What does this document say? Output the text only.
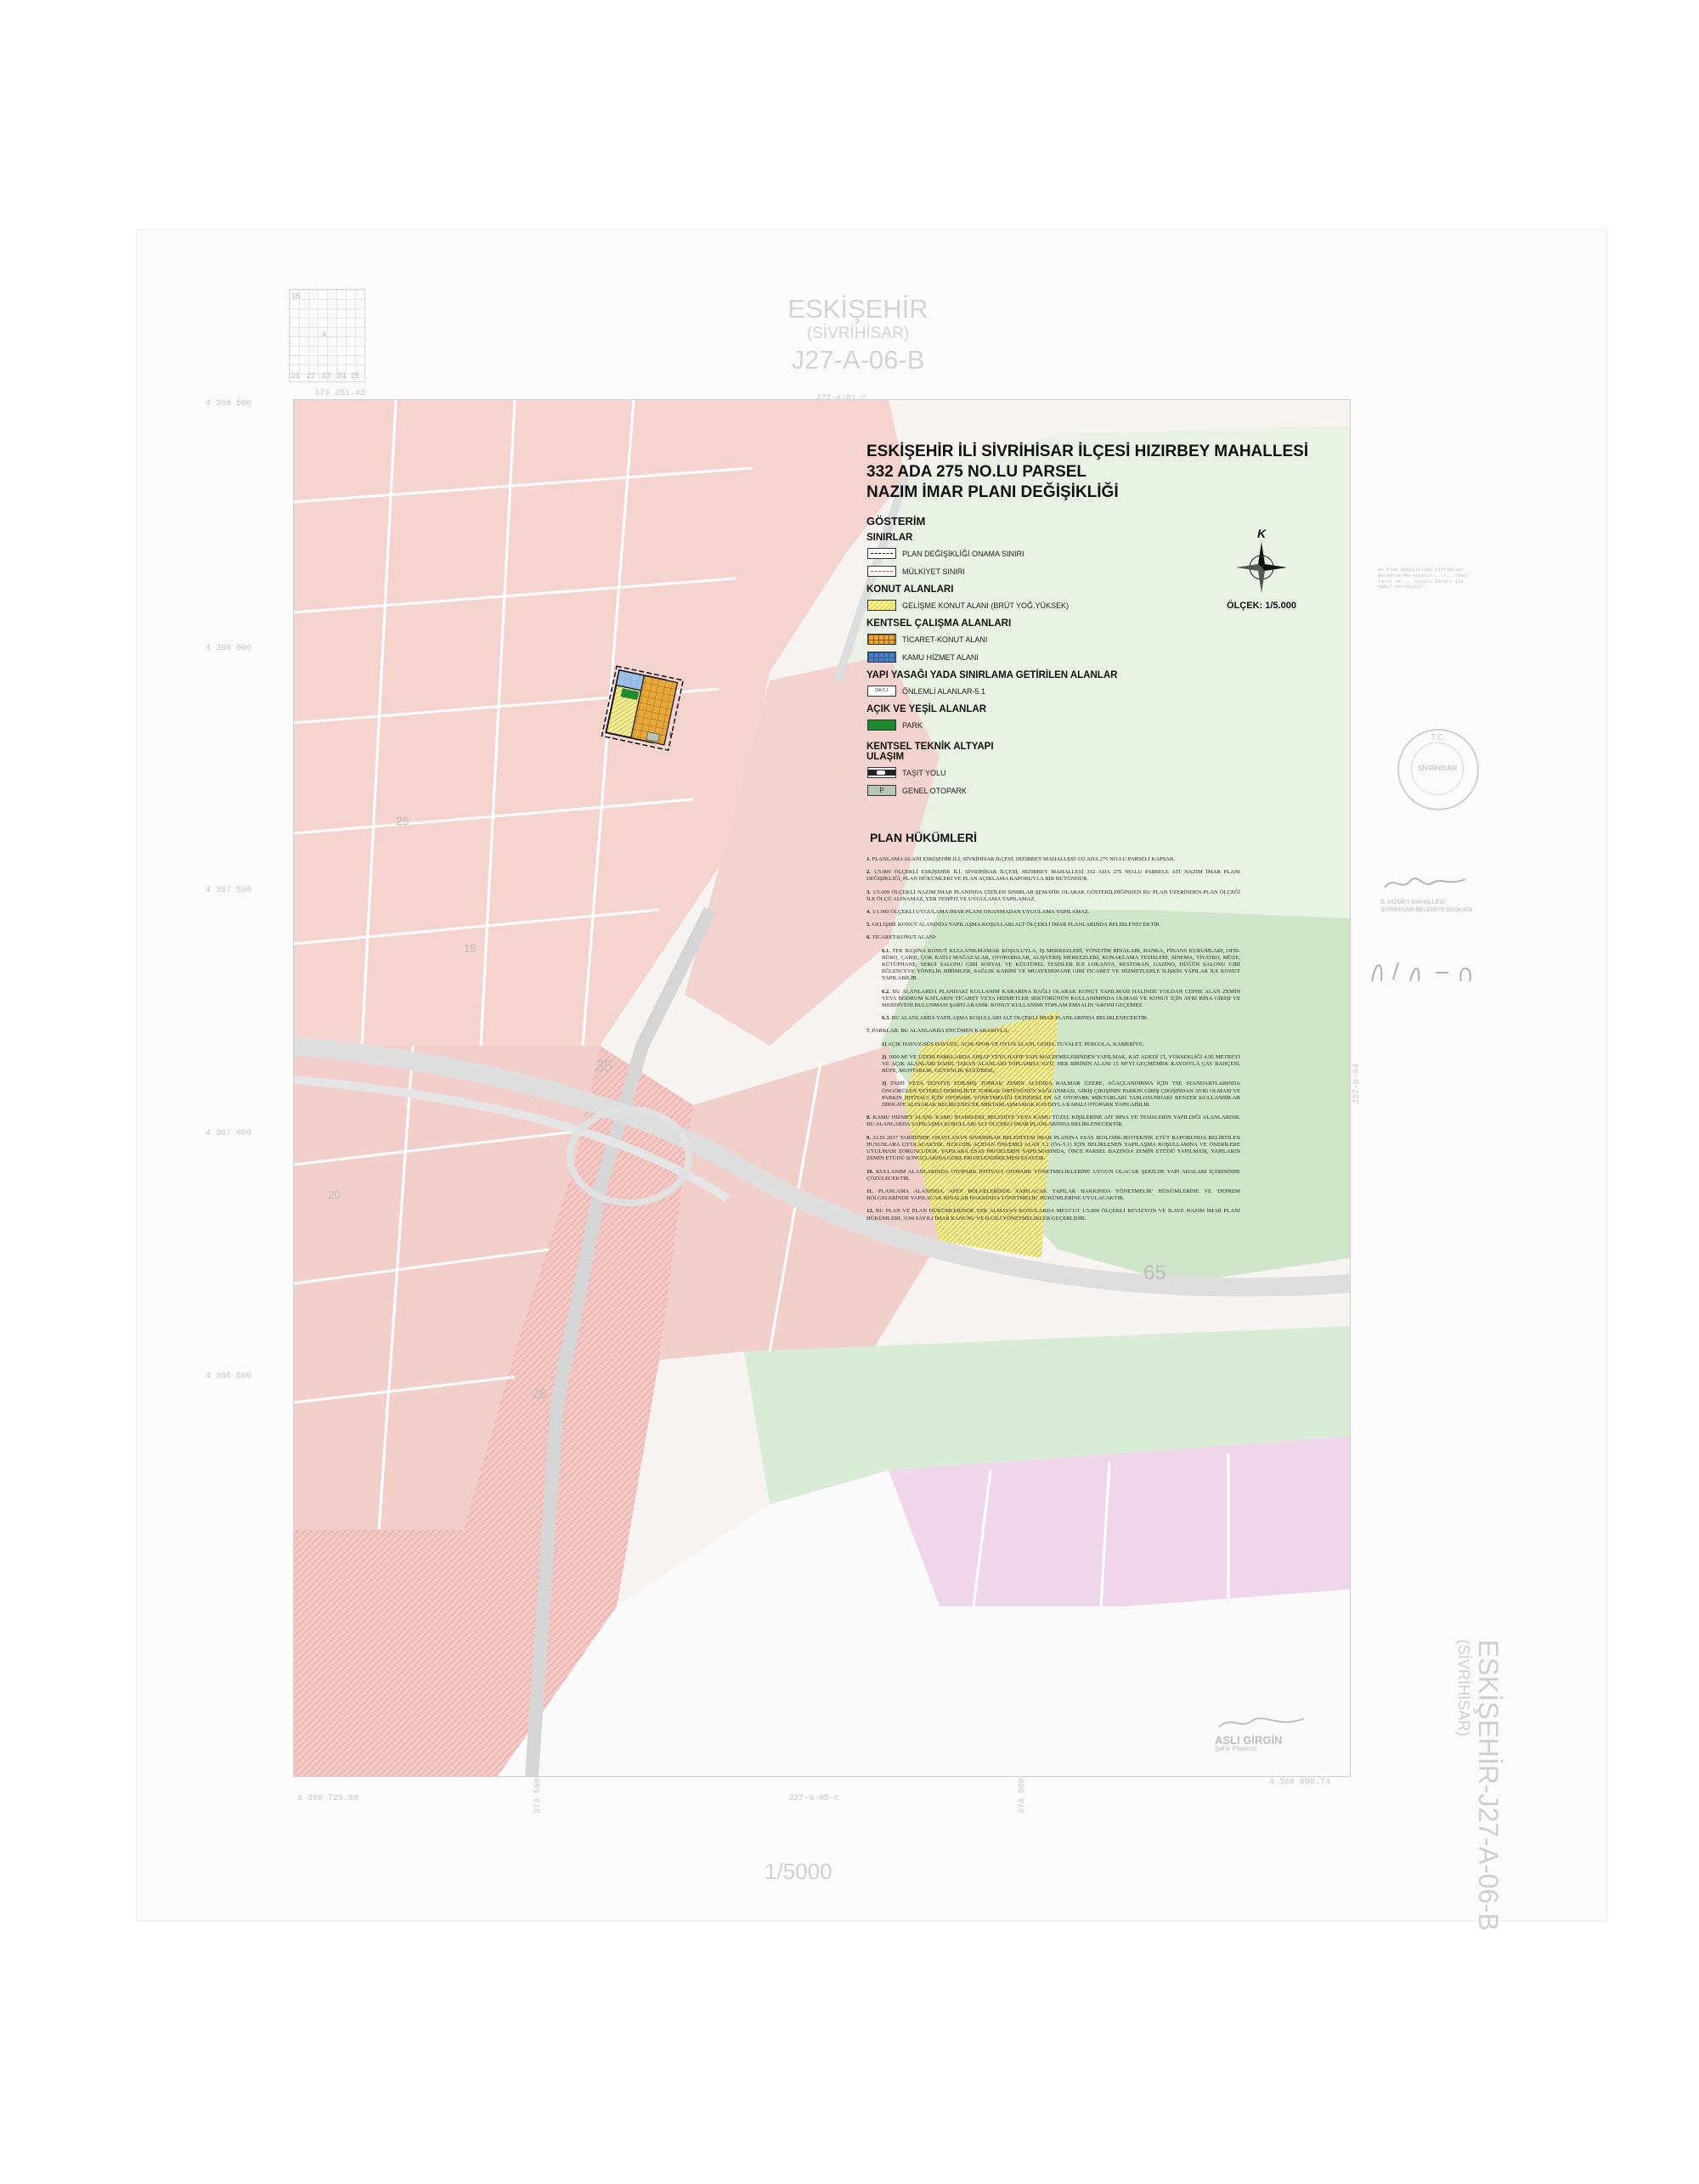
A
21 22 23 24 25
16	ESKİŞEHİR
(SİVRİHİSAR)
J27-A-06-B
ESKİŞEHİR-J27-A-06-B
(SİVRİHİSAR)
1/5000
4 368 500
373 251.42
4 368 000
4 367 500
4 367 000
4 366 500
4 366 725.60	373 500	J27-a-05-c	374 000	4 366 690.74
J27-b-04
P
35
28
65
25
20
15
ESKİŞEHİR İLİ SİVRİHİSAR İLÇESİ HIZIRBEY MAHALLESİ
332 ADA 275 NO.LU PARSEL
NAZIM İMAR PLANI DEĞİŞİKLİĞİ
GÖSTERİM
SINIRLAR
PLAN DEĞİŞİKLİĞİ ONAMA SINIRI
MÜLKİYET SINIRI
KONUT ALANLARI
GELİŞME KONUT ALANI (BRÜT YOĞ.YÜKSEK)
KENTSEL ÇALIŞMA ALANLARI
TİCARET-KONUT ALANI
KAMU HİZMET ALANI
YAPI YASAĞI YADA SINIRLAMA GETİRİLEN ALANLAR
ÖA-5.1	ÖNLEMLİ ALANLAR-5.1
AÇIK VE YEŞİL ALANLAR
PARK
KENTSEL TEKNİK ALTYAPI
ULAŞIM
TAŞIT YOLU
P	GENEL OTOPARK
K
ÖLÇEK: 1/5.000
PLAN HÜKÜMLERİ
1. PLANLAMA ALANI ESKİŞEHİR İLİ, SİVRİHİSAR İLÇESİ, HIZIRBEY MAHALLESİ 332 ADA 275 NO.LU PARSELİ KAPSAR.
2. 1/5.000 ÖLÇEKLİ ESKİŞEHİR İLİ, SİVRİHİSAR İLÇESİ, HIZIRBEY MAHALLESİ 332 ADA 275 NO.LU PARSELE AİT NAZIM İMAR PLANI DEĞİŞİKLİĞİ, PLAN HÜKÜMLERİ VE PLAN AÇIKLAMA RAPORUYLA BİR BÜTÜNDÜR.
3. 1/5.000 ÖLÇEKLİ NAZIM İMAR PLANINDA ÇİZİLEN SINIRLAR ŞEMATİK OLARAK GÖSTERİLDİĞİNDEN BU PLAN ÜZERİNDEN PLAN ÖLÇEĞİ İLE ÖLÇÜ ALINAMAZ, YER TESPİTİ VE UYGULAMA YAPILAMAZ.
4. 1/1.000 ÖLÇEKLİ UYGULAMA İMAR PLANI ONANMADAN UYGULAMA YAPILAMAZ.
5. GELİŞME KONUT ALANINDA YAPILAŞMA KOŞULLARI ALT ÖLÇEKLİ İMAR PLANLARINDA BELİRLENECEKTİR.
6. TİCARET-KONUT ALANI:
6.1. TEK BAŞINA KONUT KULLANILMAMAK KOŞULUYLA; İŞ MERKEZLERİ, YÖNETİM BİNALARI, BANKA, FİNANS KURUMLARI, OFİS-BÜRO, ÇARŞI, ÇOK KATLI MAĞAZALAR, OTOPARKLAR, ALIŞVERİŞ MERKEZLERİ, KONAKLAMA TESİSLERİ, SİNEMA, TİYATRO, MÜZE, KÜTÜPHANE, SERGİ SALONU GİBİ SOSYAL VE KÜLTÜREL TESİSLER İLE LOKANTA, RESTORAN, GAZİNO, DÜĞÜN SALONU GİBİ EĞLENCEYE YÖNELİK BİRİMLER, SAĞLIK KABİNİ VE MUAYENEHANE GİBİ TİCARET VE HİZMETLERLE İLİŞKİN YAPILAR İLE KONUT YAPILABİLİR.
6.2. BU ALANLARDA PLANDAKİ KULLANIM KARARINA BAĞLI OLARAK KONUT YAPILMASI HALİNDE YOLDAN CEPHE ALAN ZEMİN VEYA BODRUM KATLARIN TİCARET VEYA HİZMETLER SEKTÖRÜNÜN KULLANIMINDA OLMASI VE KONUT İÇİN AYRI BİNA GİRİŞİ VE MERDİVENİ BULUNMASI ŞARTI ARANIR. KONUT KULLANIMI TOPLAM EMSALİN %40'INI GEÇEMEZ.
6.3. BU ALANLARDA YAPILAŞMA KOŞULLARI ALT ÖLÇEKLİ İMAR PLANLARINDA BELİRLENECEKTİR.
7. PARKLAR: BU ALANLARDA ENCÜMEN KARARIYLA;
1) AÇIK HAVUZ-SÜS HAVUZU, AÇIK SPOR VE OYUN ALANI, GENEL TUVALET, PERGOLA, KAMERİYE,
2) 1000 M² VE ÜZERİ PARKLARDA AHŞAP VEYA HAFİF YAPI MALZEMELERİNDEN YAPILMAK, KAT ADEDİ 1'İ, YÜKSEKLİĞİ 4.50 METREYİ VE AÇIK ALANLARI DAHİL TABAN ALANLARI TOPLAMDA %3'Ü, HER BİRİNİN ALANI 15 M²'Yİ GEÇMEMEK KAYDIYLA ÇAY BAHÇESİ, BÜFE, MUHTARLIK, GÜVENLİK KULÜBESİ,
3) TABİİ VEYA TESVİYE EDİLMİŞ TOPRAK ZEMİN ALTINDA KALMAK ÜZERE, AĞAÇLANDIRMA İÇİN TSE STANDARTLARINDA ÖNGÖRÜLEN YETERLİ DERİNLİKTE TOPRAK ÖRTÜSÜNÜN SAĞLANMASI, GİRİŞ ÇIKIŞININ PARKIN GİRİŞ ÇIKIŞINDAN AYRI OLMASI VE PARKIN İHTİYACI İÇİN OTOPARK YÖNETMELİĞİ EKİNDEKİ EN AZ OTOPARK MİKTARLARI TABLOSUNDAKİ BENZER KULLANIMLAR DİKKATE ALINARAK BELİRLENECEK MİKTARI AŞMAMAK KAYDIYLA KAPALI OTOPARK YAPILABİLİR.
8. KAMU HİZMET ALANI: KAMU İDARELERİ, BELEDİYE VEYA KAMU TÜZEL KİŞİLERİNE AİT BİNA VE TESİSLERİN YAPILDIĞI ALANLARDIR. BU ALANLARDA YAPILAŞMA KOŞULLARI ALT ÖLÇEKLİ İMAR PLANLARINDA BELİRLENECEKTİR.
9. 22.01.2017 TARİHİNDE ONAYLANAN SİVRİHİSAR BELEDİYESİ İMAR PLANINA ESAS JEOLOJİK-JEOTEKNİK ETÜT RAPORUNDA BELİRTİLEN HUSUSLARA UYULACAKTIR. JEOLOJİK AÇIDAN ÖNLEMLİ ALAN 5.1 (ÖA-5.1) İÇİN BELİRLENEN YAPILAŞMA KOŞULLARINA VE ÖNERİLERE UYULMASI ZORUNLUDUR. YAPILARA ESAS PROJELERİN YAPILMASINDA, ÖNCE PARSEL BAZINDA ZEMİN ETÜDÜ YAPILMASI, YAPILARIN ZEMİN ETÜDÜ SONUÇLARINA GÖRE PROJELENDİRİLMESİ ESASTIR.
10. KULLANIM ALANLARINDA OTOPARK İHTİYACI OTOPARK YÖNETMELİKLERİNE UYGUN OLACAK ŞEKİLDE YAPI ADALARI İÇERİSİNDE ÇÖZÜLECEKTİR.
11. PLANLAMA ALANINDA 'AFET BÖLGELERİNDE YAPILACAK YAPILAR HAKKINDA YÖNETMELİK' HÜKÜMLERİNE VE 'DEPREM BÖLGELERİNDE YAPILACAK BİNALAR HAKKINDA YÖNETMELİK' HÜKÜMLERİNE UYULACAKTIR.
12. BU PLAN VE PLAN HÜKÜMLERİNDE YER ALMAYAN KONULARDA MEVCUT 1/5.000 ÖLÇEKLİ REVİZYON VE İLAVE NAZIM İMAR PLANI HÜKÜMLERİ, 3194 SAYILI İMAR KANUNU VE İLGİLİ YÖNETMELİKLER GEÇERLİDİR.
Bu Plan Değişikliği Sivrihisar
Belediye Meclisinin .../.../2017
tarih ve ... sayılı kararı ile
kabul edilmiştir.
T.C.
SİVRİHİSAR
S. HİZMET MAHALLESİ
SİVRİHİSAR BELEDİYE BAŞKANI
ASLI GİRGİN
Şehir Plancısı
